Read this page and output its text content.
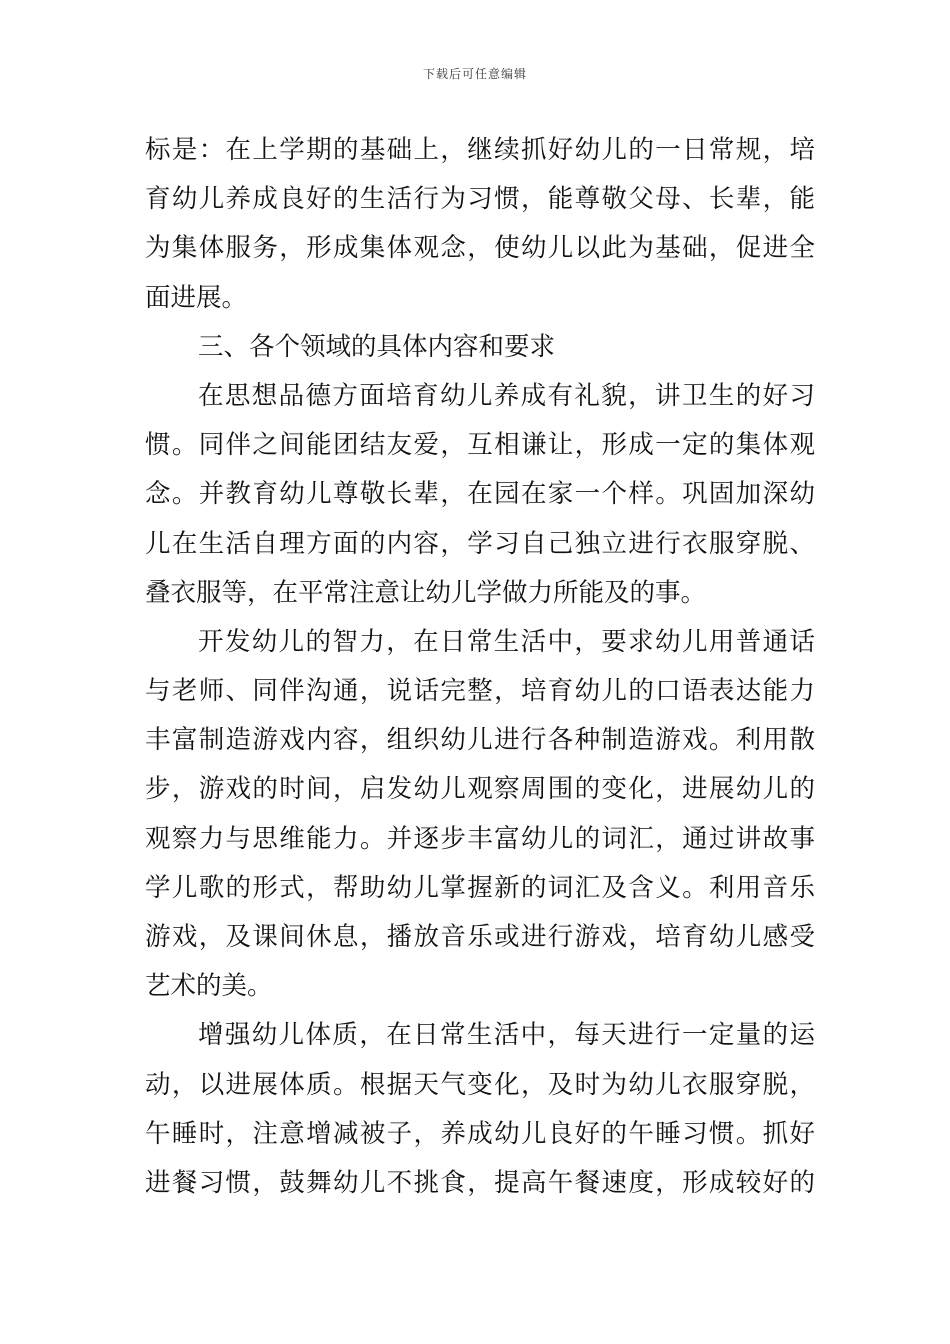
下载后可任意编辑
标是：在上学期的基础上，继续抓好幼儿的一日常规，培
育幼儿养成良好的生活行为习惯，能尊敬父母、长辈，能
为集体服务，形成集体观念，使幼儿以此为基础，促进全
面进展。
三、各个领域的具体内容和要求
在思想品德方面培育幼儿养成有礼貌，讲卫生的好习
惯。同伴之间能团结友爱，互相谦让，形成一定的集体观
念。并教育幼儿尊敬长辈，在园在家一个样。巩固加深幼
儿在生活自理方面的内容，学习自己独立进行衣服穿脱、
叠衣服等，在平常注意让幼儿学做力所能及的事。
开发幼儿的智力，在日常生活中，要求幼儿用普通话
与老师、同伴沟通，说话完整，培育幼儿的口语表达能力
丰富制造游戏内容，组织幼儿进行各种制造游戏。利用散
步，游戏的时间，启发幼儿观察周围的变化，进展幼儿的
观察力与思维能力。并逐步丰富幼儿的词汇，通过讲故事
学儿歌的形式，帮助幼儿掌握新的词汇及含义。利用音乐
游戏，及课间休息，播放音乐或进行游戏，培育幼儿感受
艺术的美。
增强幼儿体质，在日常生活中，每天进行一定量的运
动，以进展体质。根据天气变化，及时为幼儿衣服穿脱，
午睡时，注意增减被子，养成幼儿良好的午睡习惯。抓好
进餐习惯，鼓舞幼儿不挑食，提高午餐速度，形成较好的
